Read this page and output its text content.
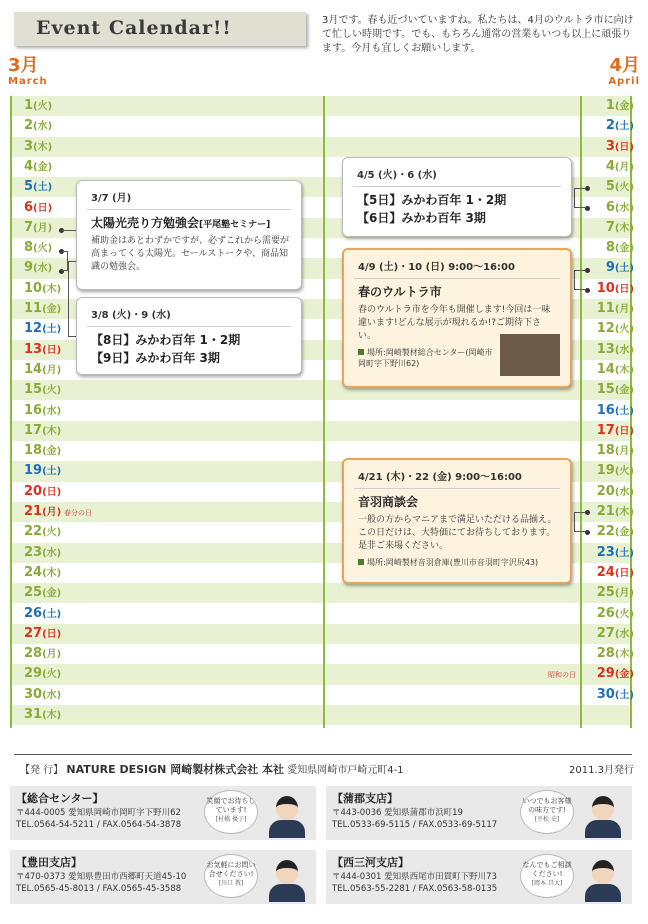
Event Calendar!!	3月です。春も近づいていますね。私たちは、4月のウルトラ市に向けて忙しい時期です。でも、もちろん通常の営業もいつも以上に頑張ります。今月も宜しくお願いします。
3月
March
4月
April
1(火)
2(水)
3(木)
4(金)
5(土)
6(日)
7(月)
8(火)
9(水)
10(木)
11(金)
12(土)
13(日)
14(月)
15(火)
16(水)
17(木)
18(金)
19(土)
20(日)
21(月)
22(火)
23(水)
24(木)
25(金)
26(土)
27(日)
28(月)
29(火)
30(水)
31(木)
1(金)
2(土)
3(日)
4(月)
5(火)
6(水)
7(木)
8(金)
9(土)
10(日)
11(月)
12(火)
13(水)
14(木)
15(金)
16(土)
17(日)
18(月)
19(火)
20(水)
21(木)
22(金)
23(土)
24(日)
25(月)
26(火)
27(水)
28(木)
29(金)
30(土)
春分の日
昭和の日
3/7 (月)
太陽光売り方勉強会[平尾塾セミナー]
補助金はあとわずかですが、必ずこれから需要が高まってくる太陽光。セールストークや、商品知識の勉強会。
3/8 (火)・9 (水)
【8日】みかわ百年 1・2期
【9日】みかわ百年 3期
4/5 (火)・6 (水)
【5日】みかわ百年 1・2期
【6日】みかわ百年 3期
4/9 (土)・10 (日) 9:00〜16:00
春のウルトラ市
春のウルトラ市を今年も開催します!今回は一味違います!どんな展示が現れるか!?ご期待下さい。
場所:岡崎製材総合センター(岡崎市岡町字下野川62)
4/21 (木)・22 (金) 9:00〜16:00
音羽商談会
一般の方からマニアまで満足いただける品揃え。この日だけは、大特価にてお待ちしております。是非ご来場ください。
場所:岡崎製材音羽倉庫(豊川市音羽町字沢尻43)
【発 行】 NATURE DESIGN 岡崎製材株式会社 本社 愛知県岡崎市戸崎元町4-1	2011.3月発行
【総合センター】
〒444-0005 愛知県岡崎市岡町字下野川62
TEL.0564-54-5211 / FAX.0564-54-3878
笑顔でお待ちしています!
[村橋 優子]
【蒲郡支店】
〒443-0036 愛知県蒲郡市浜町19
TEL.0533-69-5115 / FAX.0533-69-5117
いつでもお客様の味方です!
[平松 史]
【豊田支店】
〒470-0373 愛知県豊田市西郷町天道45-10
TEL.0565-45-8013 / FAX.0565-45-3588
お気軽にお問い合せください!
[川口 教]
【西三河支店】
〒444-0301 愛知県西尾市田貫町下野川73
TEL.0563-55-2281 / FAX.0563-58-0135
なんでもご相談ください!
[岡本 昌大]
